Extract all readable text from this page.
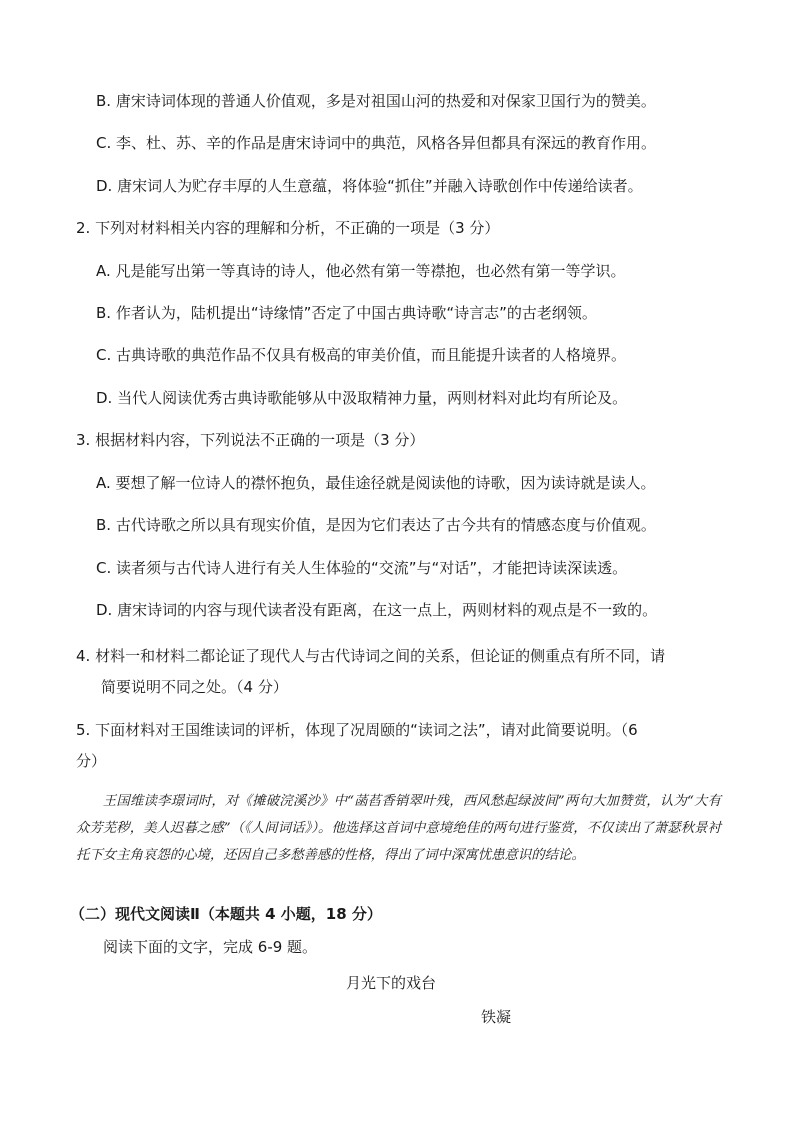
B. 唐宋诗词体现的普通人价值观，多是对祖国山河的热爱和对保家卫国行为的赞美。
C. 李、杜、苏、辛的作品是唐宋诗词中的典范，风格各异但都具有深远的教育作用。
D. 唐宋词人为贮存丰厚的人生意蕴，将体验“抓住”并融入诗歌创作中传递给读者。
2. 下列对材料相关内容的理解和分析，不正确的一项是（3 分）
A. 凡是能写出第一等真诗的诗人，他必然有第一等襟抱，也必然有第一等学识。
B. 作者认为，陆机提出“诗缘情”否定了中国古典诗歌“诗言志”的古老纲领。
C. 古典诗歌的典范作品不仅具有极高的审美价值，而且能提升读者的人格境界。
D. 当代人阅读优秀古典诗歌能够从中汲取精神力量，两则材料对此均有所论及。
3. 根据材料内容，下列说法不正确的一项是（3 分）
A. 要想了解一位诗人的襟怀抱负，最佳途径就是阅读他的诗歌，因为读诗就是读人。
B. 古代诗歌之所以具有现实价值，是因为它们表达了古今共有的情感态度与价值观。
C. 读者须与古代诗人进行有关人生体验的“交流”与“对话”，才能把诗读深读透。
D. 唐宋诗词的内容与现代读者没有距离，在这一点上，两则材料的观点是不一致的。
4. 材料一和材料二都论证了现代人与古代诗词之间的关系，但论证的侧重点有所不同，请
简要说明不同之处。（4 分）
5. 下面材料对王国维读词的评析，体现了况周颐的“读词之法”，请对此简要说明。（6
分）
王国维读李璟词时，对《摊破浣溪沙》中“菡萏香销翠叶残，西风愁起绿波间”两句大加赞赏，认为“大有众芳芜秽，美人迟暮之感”（《人间词话》）。他选择这首词中意境绝佳的两句进行鉴赏，不仅读出了萧瑟秋景衬托下女主角哀怨的心境，还因自己多愁善感的性格，得出了词中深寓忧患意识的结论。
（二）现代文阅读Ⅱ（本题共 4 小题，18 分）
阅读下面的文字，完成 6-9 题。
月光下的戏台
铁凝
